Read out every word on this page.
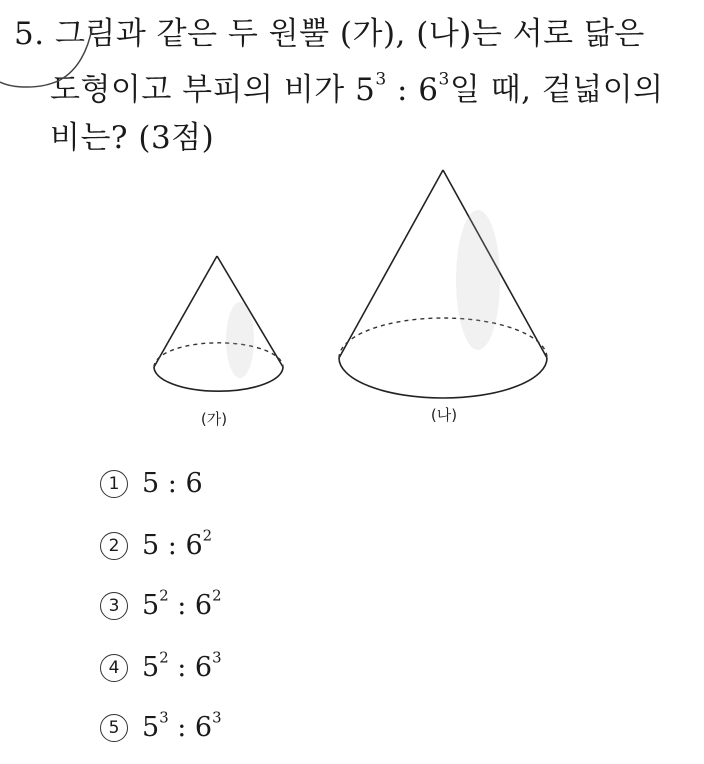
5. 그림과 같은 두 원뿔 (가), (나)는 서로 닮은
도형이고 부피의 비가 $5^3$ : $6^3$일 때, 겉넓이의
비는? (3점)
(가)	(나)
1 5 : 6
2 5 : $6^2$
3 $5^2$ : $6^2$
4 $5^2$ : $6^3$
5 $5^3$ : $6^3$
